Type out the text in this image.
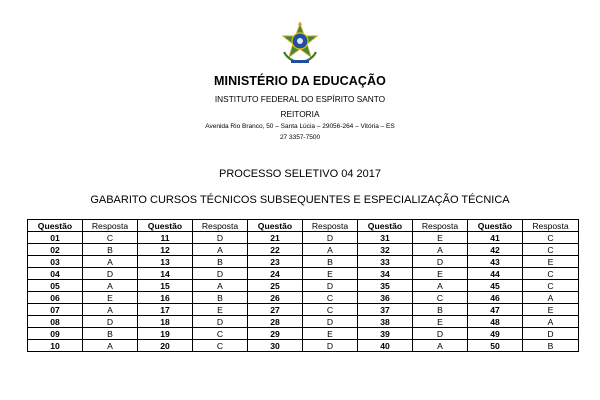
MINISTÉRIO DA EDUCAÇÃO
INSTITUTO FEDERAL DO ESPÍRITO SANTO
REITORIA
Avenida Rio Branco, 50 – Santa Lúcia – 29056-264 – Vitória – ES
27 3357-7500
PROCESSO SELETIVO 04 2017
GABARITO CURSOS TÉCNICOS SUBSEQUENTES E ESPECIALIZAÇÃO TÉCNICA
Questão	Resposta	Questão	Resposta	Questão	Resposta	Questão	Resposta	Questão	Resposta
01	C	11	D	21	D	31	E	41	C
02	B	12	A	22	A	32	A	42	C
03	A	13	B	23	B	33	D	43	E
04	D	14	D	24	E	34	E	44	C
05	A	15	A	25	D	35	A	45	C
06	E	16	B	26	C	36	C	46	A
07	A	17	E	27	C	37	B	47	E
08	D	18	D	28	D	38	E	48	A
09	B	19	C	29	E	39	D	49	D
10	A	20	C	30	D	40	A	50	B
